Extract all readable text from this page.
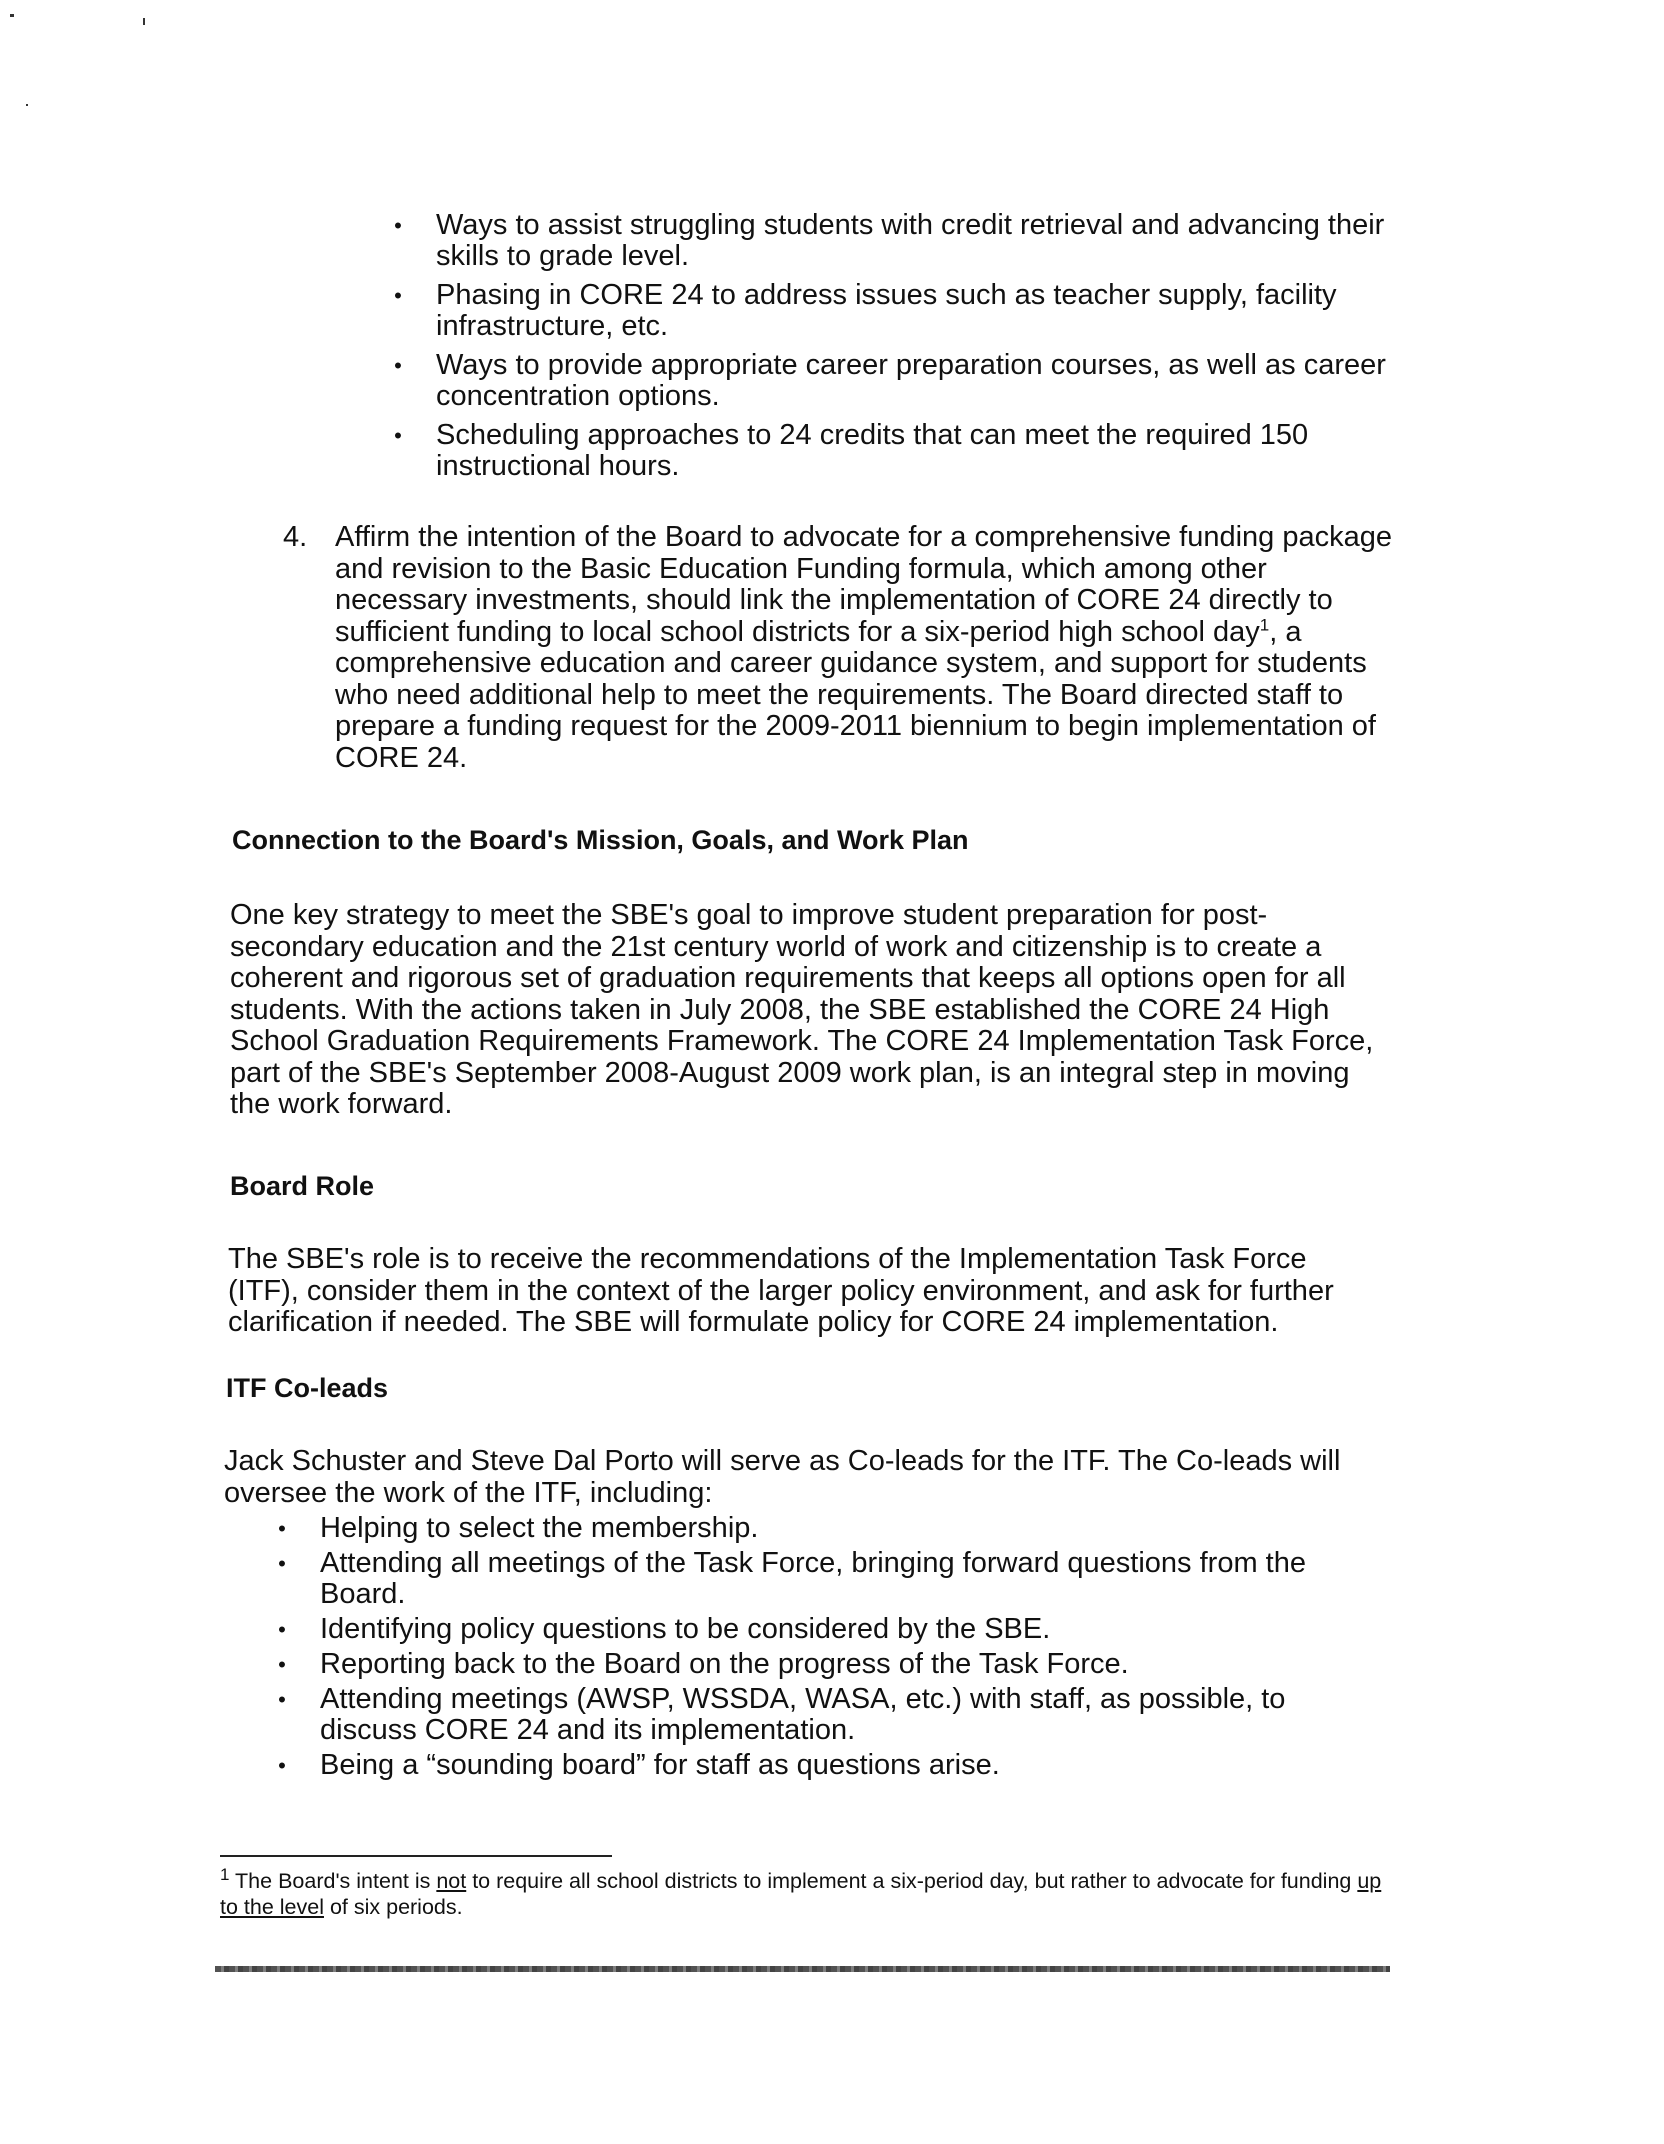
• Ways to assist struggling students with credit retrieval and advancing their skills to grade level.
• Phasing in CORE 24 to address issues such as teacher supply, facility infrastructure, etc.
• Ways to provide appropriate career preparation courses, as well as career concentration options.
• Scheduling approaches to 24 credits that can meet the required 150 instructional hours.
4. Affirm the intention of the Board to advocate for a comprehensive funding package and revision to the Basic Education Funding formula, which among other necessary investments, should link the implementation of CORE 24 directly to sufficient funding to local school districts for a six-period high school day$^1$, a comprehensive education and career guidance system, and support for students who need additional help to meet the requirements. The Board directed staff to prepare a funding request for the 2009-2011 biennium to begin implementation of CORE 24.
Connection to the Board's Mission, Goals, and Work Plan
One key strategy to meet the SBE's goal to improve student preparation for post-secondary education and the 21st century world of work and citizenship is to create a coherent and rigorous set of graduation requirements that keeps all options open for all students. With the actions taken in July 2008, the SBE established the CORE 24 High School Graduation Requirements Framework. The CORE 24 Implementation Task Force, part of the SBE's September 2008-August 2009 work plan, is an integral step in moving the work forward.
Board Role
The SBE's role is to receive the recommendations of the Implementation Task Force (ITF), consider them in the context of the larger policy environment, and ask for further clarification if needed. The SBE will formulate policy for CORE 24 implementation.
ITF Co-leads
Jack Schuster and Steve Dal Porto will serve as Co-leads for the ITF. The Co-leads will oversee the work of the ITF, including:
• Helping to select the membership.
• Attending all meetings of the Task Force, bringing forward questions from the Board.
• Identifying policy questions to be considered by the SBE.
• Reporting back to the Board on the progress of the Task Force.
• Attending meetings (AWSP, WSSDA, WASA, etc.) with staff, as possible, to discuss CORE 24 and its implementation.
• Being a “sounding board” for staff as questions arise.
$^1$ The Board's intent is not to require all school districts to implement a six-period day, but rather to advocate for funding up to the level of six periods.
